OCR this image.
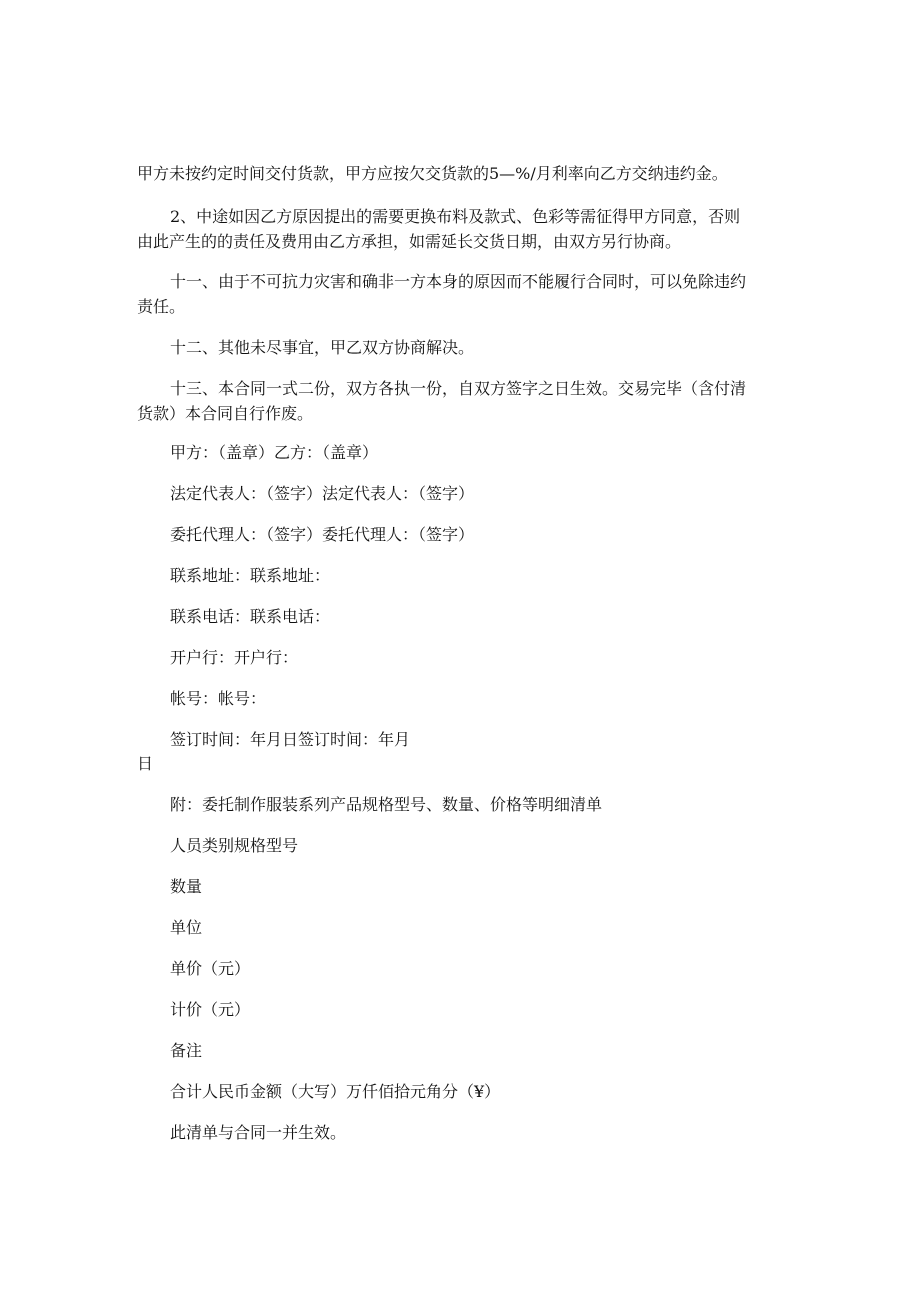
甲方未按约定时间交付货款，甲方应按欠交货款的5—%/月利率向乙方交纳违约金。

2、中途如因乙方原因提出的需要更换布料及款式、色彩等需征得甲方同意，否则

由此产生的的责任及费用由乙方承担，如需延长交货日期，由双方另行协商。

十一、由于不可抗力灾害和确非一方本身的原因而不能履行合同时，可以免除违约

责任。

十二、其他未尽事宜，甲乙双方协商解决。

十三、本合同一式二份，双方各执一份，自双方签字之日生效。交易完毕（含付清

货款）本合同自行作废。

甲方：（盖章）乙方：（盖章）

法定代表人：（签字）法定代表人：（签字）

委托代理人：（签字）委托代理人：（签字）

联系地址：联系地址：

联系电话：联系电话：

开户行：开户行：

帐号：帐号：

签订时间：年月日签订时间：年月

日

附：委托制作服装系列产品规格型号、数量、价格等明细清单

人员类别规格型号

数量

单位

单价（元）

计价（元）

备注

合计人民币金额（大写）万仟佰拾元角分（¥）

此清单与合同一并生效。
